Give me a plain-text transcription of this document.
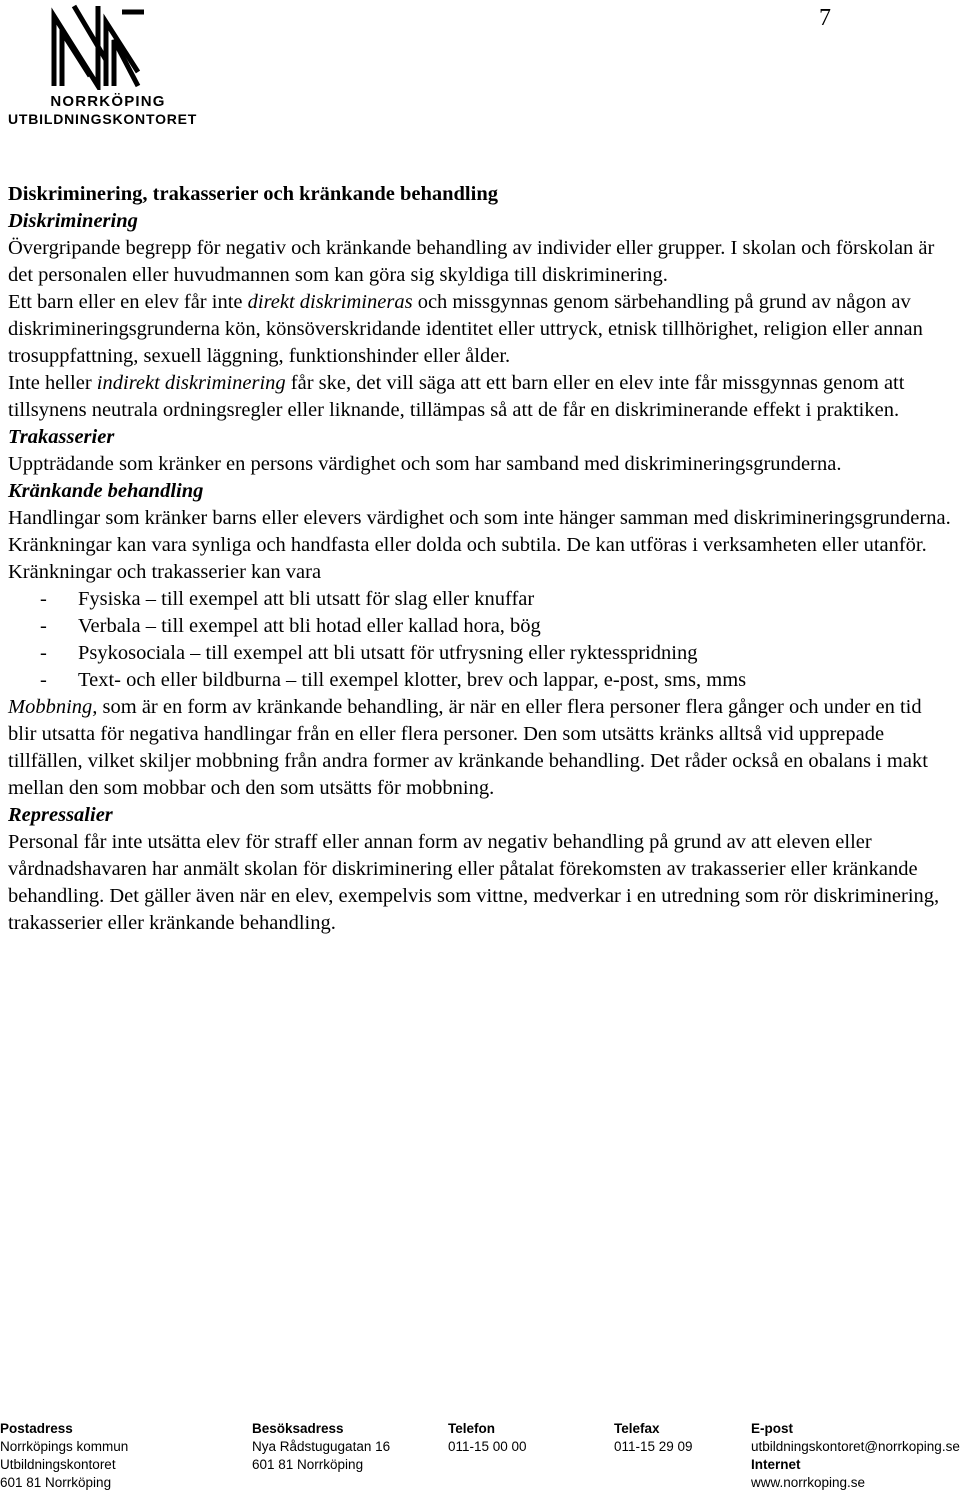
7
NORRKÖPING
UTBILDNINGSKONTORET

Diskriminering, trakasserier och kränkande behandling

Diskriminering

Övergripande begrepp för negativ och kränkande behandling av individer eller grupper. I skolan och förskolan är det personalen eller huvudmannen som kan göra sig skyldiga till diskriminering.

Ett barn eller en elev får inte direkt diskrimineras och missgynnas genom särbehandling på grund av någon av diskrimineringsgrunderna kön, könsöverskridande identitet eller uttryck, etnisk tillhörighet, religion eller annan trosuppfattning, sexuell läggning, funktionshinder eller ålder.

Inte heller indirekt diskriminering får ske, det vill säga att ett barn eller en elev inte får missgynnas genom att tillsynens neutrala ordningsregler eller liknande, tillämpas så att de får en diskriminerande effekt i praktiken.

Trakasserier

Uppträdande som kränker en persons värdighet och som har samband med diskrimineringsgrunderna.

Kränkande behandling

Handlingar som kränker barns eller elevers värdighet och som inte hänger samman med diskrimineringsgrunderna. Kränkningar kan vara synliga och handfasta eller dolda och subtila. De kan utföras i verksamheten eller utanför. Kränkningar och trakasserier kan vara

- Fysiska – till exempel att bli utsatt för slag eller knuffar
- Verbala – till exempel att bli hotad eller kallad hora, bög
- Psykosociala – till exempel att bli utsatt för utfrysning eller ryktesspridning
- Text- och eller bildburna – till exempel klotter, brev och lappar, e-post, sms, mms

Mobbning, som är en form av kränkande behandling, är när en eller flera personer flera gånger och under en tid blir utsatta för negativa handlingar från en eller flera personer. Den som utsätts kränks alltså vid upprepade tillfällen, vilket skiljer mobbning från andra former av kränkande behandling. Det råder också en obalans i makt mellan den som mobbar och den som utsätts för mobbning.

Repressalier

Personal får inte utsätta elev för straff eller annan form av negativ behandling på grund av att eleven eller vårdnadshavaren har anmält skolan för diskriminering eller påtalat förekomsten av trakasserier eller kränkande behandling. Det gäller även när en elev, exempelvis som vittne, medverkar i en utredning som rör diskriminering, trakasserier eller kränkande behandling.

Postadress
Norrköpings kommun
Utbildningskontoret
601 81 Norrköping
Besöksadress
Nya Rådstugugatan 16
601 81 Norrköping
Telefon
011-15 00 00
Telefax
011-15 29 09
E-post
utbildningskontoret@norrkoping.se
Internet
www.norrkoping.se
